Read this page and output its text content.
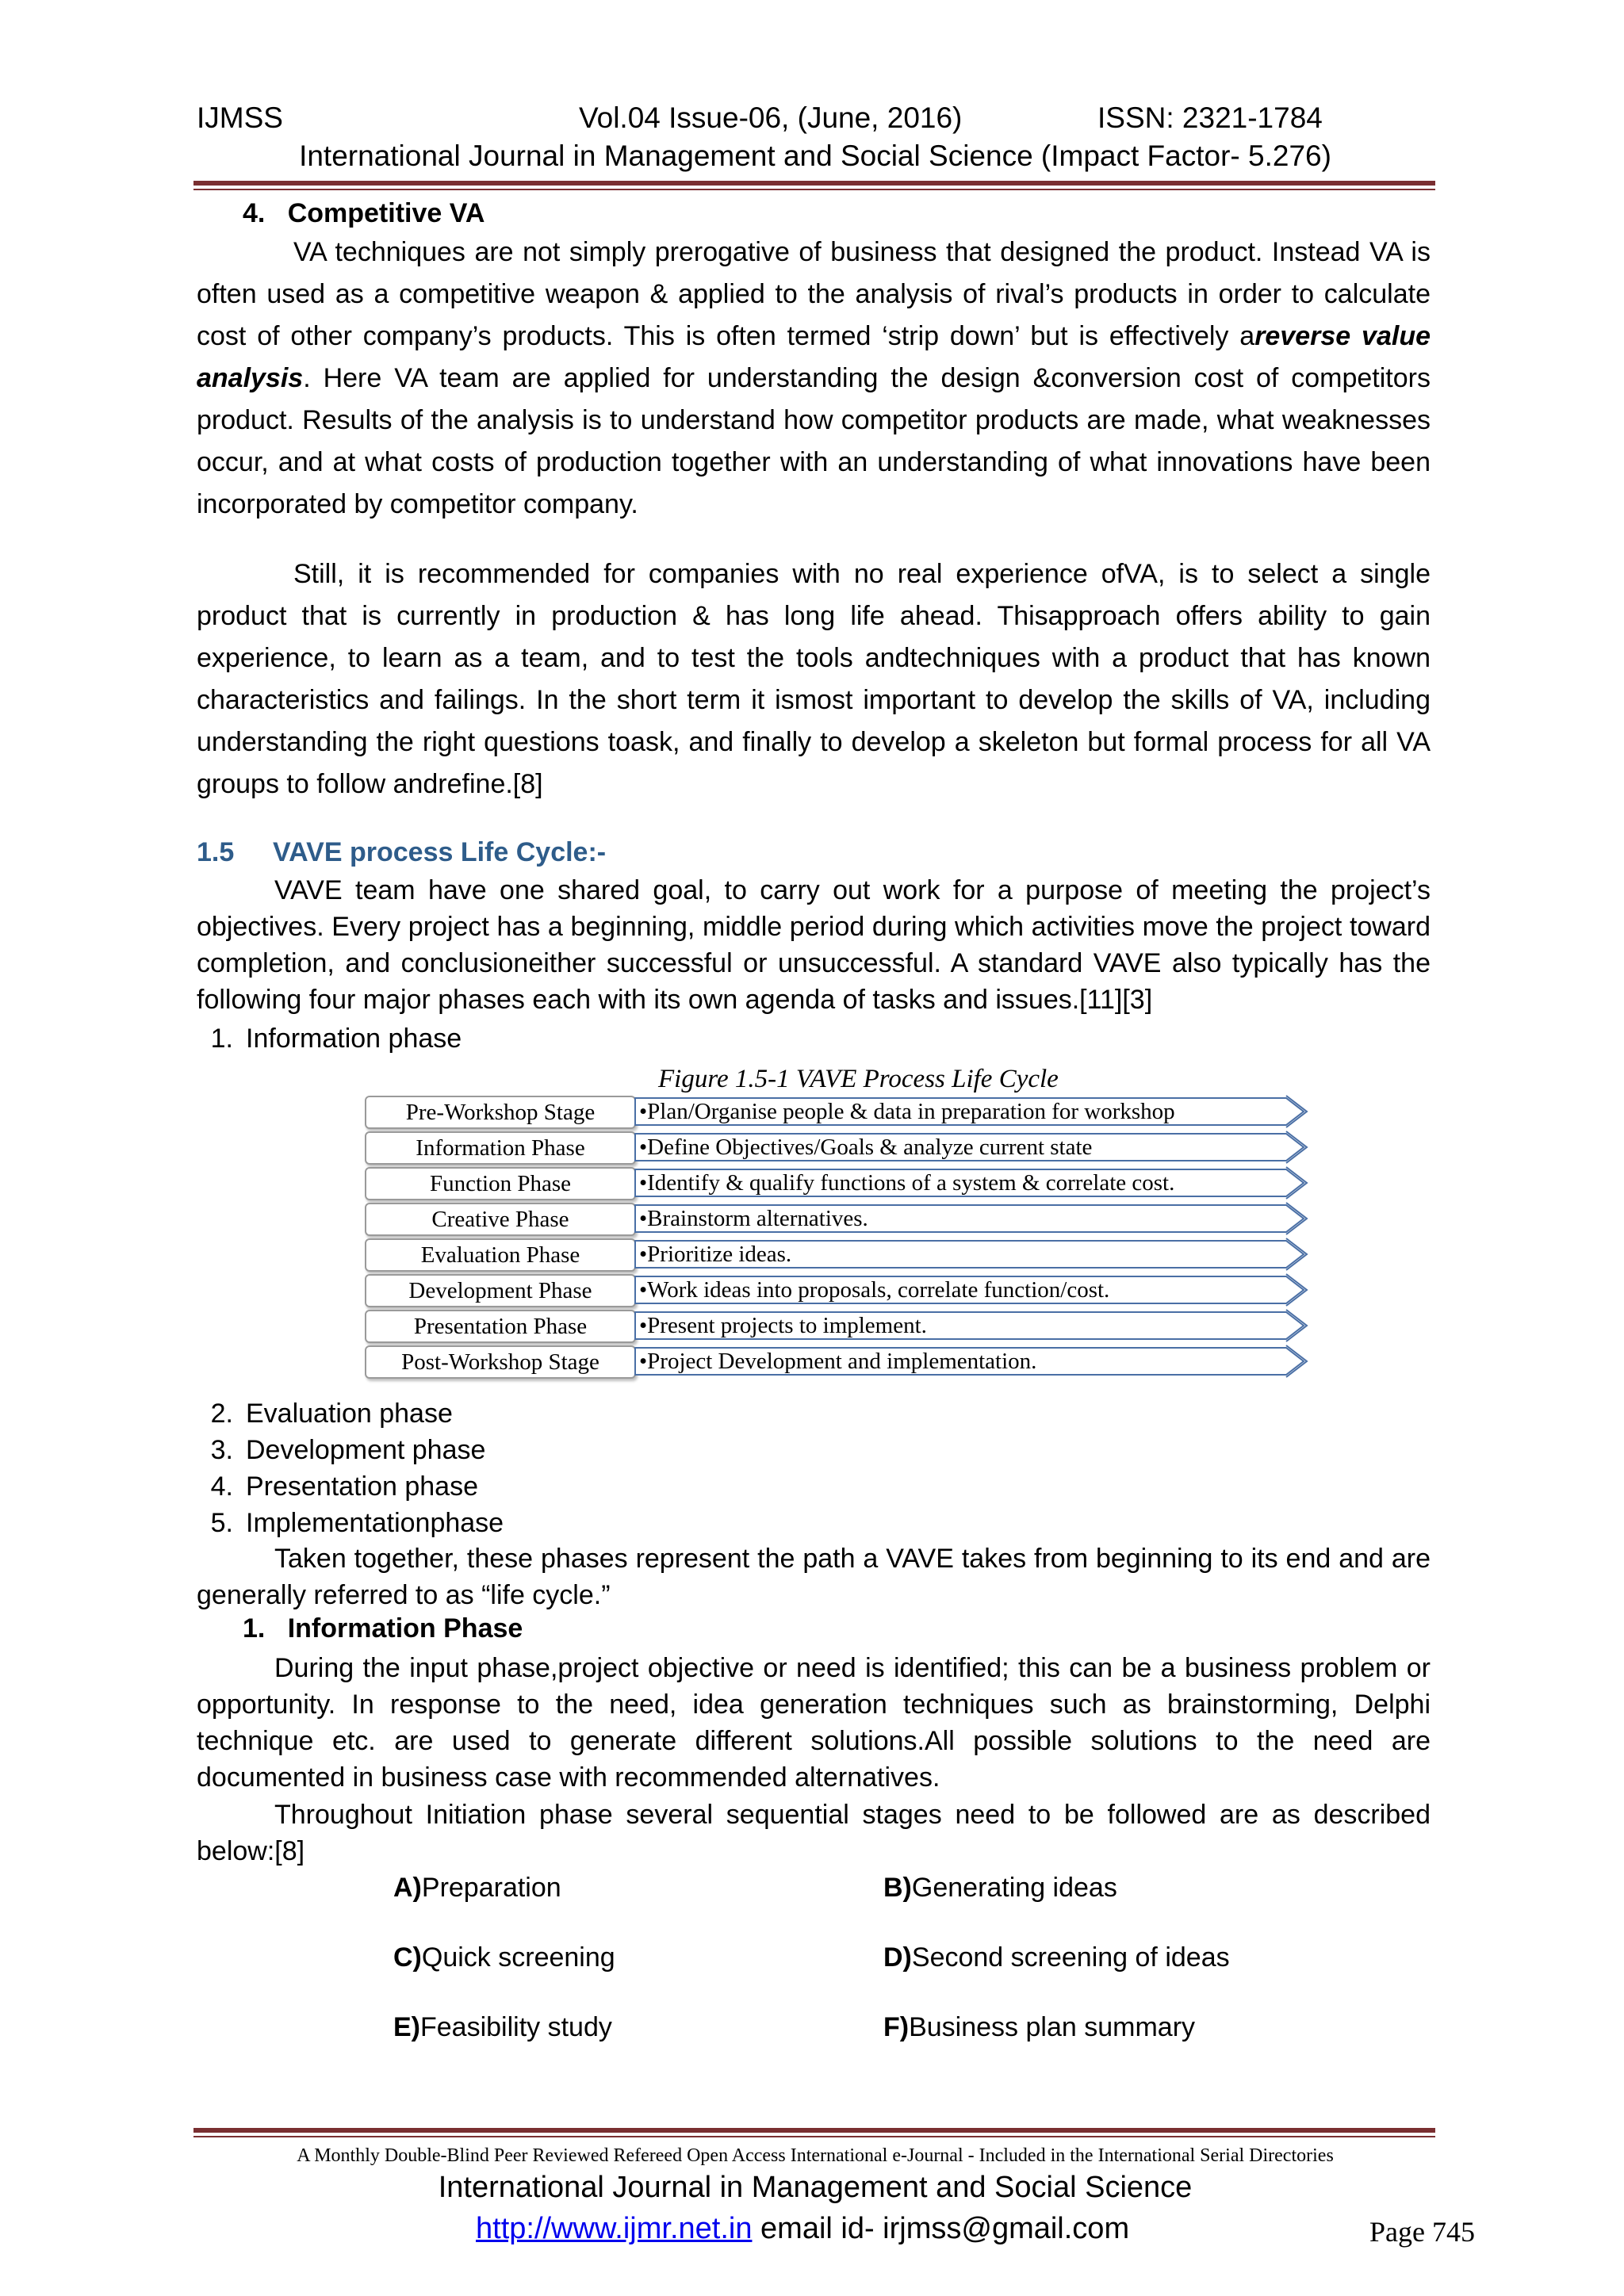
IJMSS	Vol.04 Issue-06, (June, 2016)	ISSN: 2321-1784
International Journal in Management and Social Science (Impact Factor- 5.276)
4. Competitive VA

VA techniques are not simply prerogative of business that designed the product. Instead VA is often used as a competitive weapon & applied to the analysis of rival’s products in order to calculate cost of other company’s products. This is often termed ‘strip down’ but is effectively areverse value analysis. Here VA team are applied for understanding the design &conversion cost of competitors product. Results of the analysis is to understand how competitor products are made, what weaknesses occur, and at what costs of production together with an understanding of what innovations have been incorporated by competitor company.

Still, it is recommended for companies with no real experience ofVA, is to select a single product that is currently in production & has long life ahead. Thisapproach offers ability to gain experience, to learn as a team, and to test the tools andtechniques with a product that has known characteristics and failings. In the short term it ismost important to develop the skills of VA, including understanding the right questions toask, and finally to develop a skeleton but formal process for all VA groups to follow andrefine.[8]

1.5 VAVE process Life Cycle:-

VAVE team have one shared goal, to carry out work for a purpose of meeting the project’s objectives. Every project has a beginning, middle period during which activities move the project toward completion, and conclusioneither successful or unsuccessful. A standard VAVE also typically has the following four major phases each with its own agenda of tasks and issues.[11][3]

1. Information phase
Figure 1.5-1 VAVE Process Life Cycle
Pre-Workshop Stage	•Plan/Organise people & data in preparation for workshop
Information Phase	•Define Objectives/Goals & analyze current state
Function Phase	•Identify & qualify functions of a system & correlate cost.
Creative Phase	•Brainstorm alternatives.
Evaluation Phase	•Prioritize ideas.
Development Phase	•Work ideas into proposals, correlate function/cost.
Presentation Phase	•Present projects to implement.
Post-Workshop Stage	•Project Development and implementation.
2. Evaluation phase
3. Development phase
4. Presentation phase
5. Implementationphase

Taken together, these phases represent the path a VAVE takes from beginning to its end and are generally referred to as “life cycle.”

1. Information Phase

During the input phase,project objective or need is identified; this can be a business problem or opportunity. In response to the need, idea generation techniques such as brainstorming, Delphi technique etc. are used to generate different solutions.All possible solutions to the need are documented in business case with recommended alternatives.

Throughout Initiation phase several sequential stages need to be followed are as described below:[8]

A)Preparation	B)Generating ideas
C)Quick screening	D)Second screening of ideas
E)Feasibility study	F)Business plan summary
A Monthly Double-Blind Peer Reviewed Refereed Open Access International e-Journal - Included in the International Serial Directories
International Journal in Management and Social Science
http://www.ijmr.net.in email id- irjmss@gmail.com	Page 745
